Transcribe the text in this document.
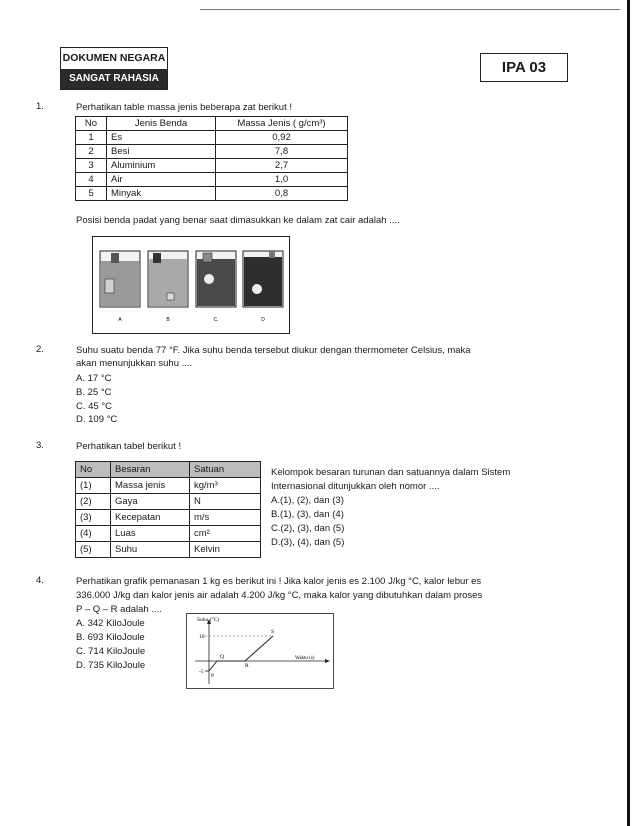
DOKUMEN NEGARA
SANGAT RAHASIA
IPA 03
1.	Perhatikan table massa jenis beberapa zat berikut !
No	Jenis Benda	Massa Jenis ( g/cm³)
1	Es	0,92
2	Besi	7,8
3	Aluminium	2,7
4	Air	1,0
5	Minyak	0,8
Posisi benda padat yang benar saat dimasukkan ke dalam zat cair adalah ....
A	B	C.	D
2.	Suhu suatu benda 77 °F. Jika suhu benda tersebut diukur dengan thermometer Celsius, maka
akan menunjukkan suhu ....
A. 17 °C
B. 25 °C
C. 45 °C
D. 109 °C
3.	Perhatikan tabel berikut !
No	Besaran	Satuan
(1)	Massa jenis	kg/m³
(2)	Gaya	N
(3)	Kecepatan	m/s
(4)	Luas	cm²
(5)	Suhu	Kelvin
Kelompok besaran turunan dan satuannya dalam Sistem
Internasional ditunjukkan oleh nomor ....
A.(1), (2), dan (3)
B.(1), (3), dan (4)
C.(2), (3), dan (5)
D.(3), (4), dan (5)
4.	Perhatikan grafik pemanasan 1 kg es berikut ini ! Jika kalor jenis es 2.100 J/kg °C, kalor lebur es
336.000 J/kg dan kalor jenis air adalah 4.200 J/kg °C, maka kalor yang dibutuhkan dalam proses
P – Q – R adalah ....
A. 342 KiloJoule
B. 693 KiloJoule
C. 714 KiloJoule
D. 735 KiloJoule
Suhu (°C)
Waktu (s)
10
-5
P
Q
R
S
